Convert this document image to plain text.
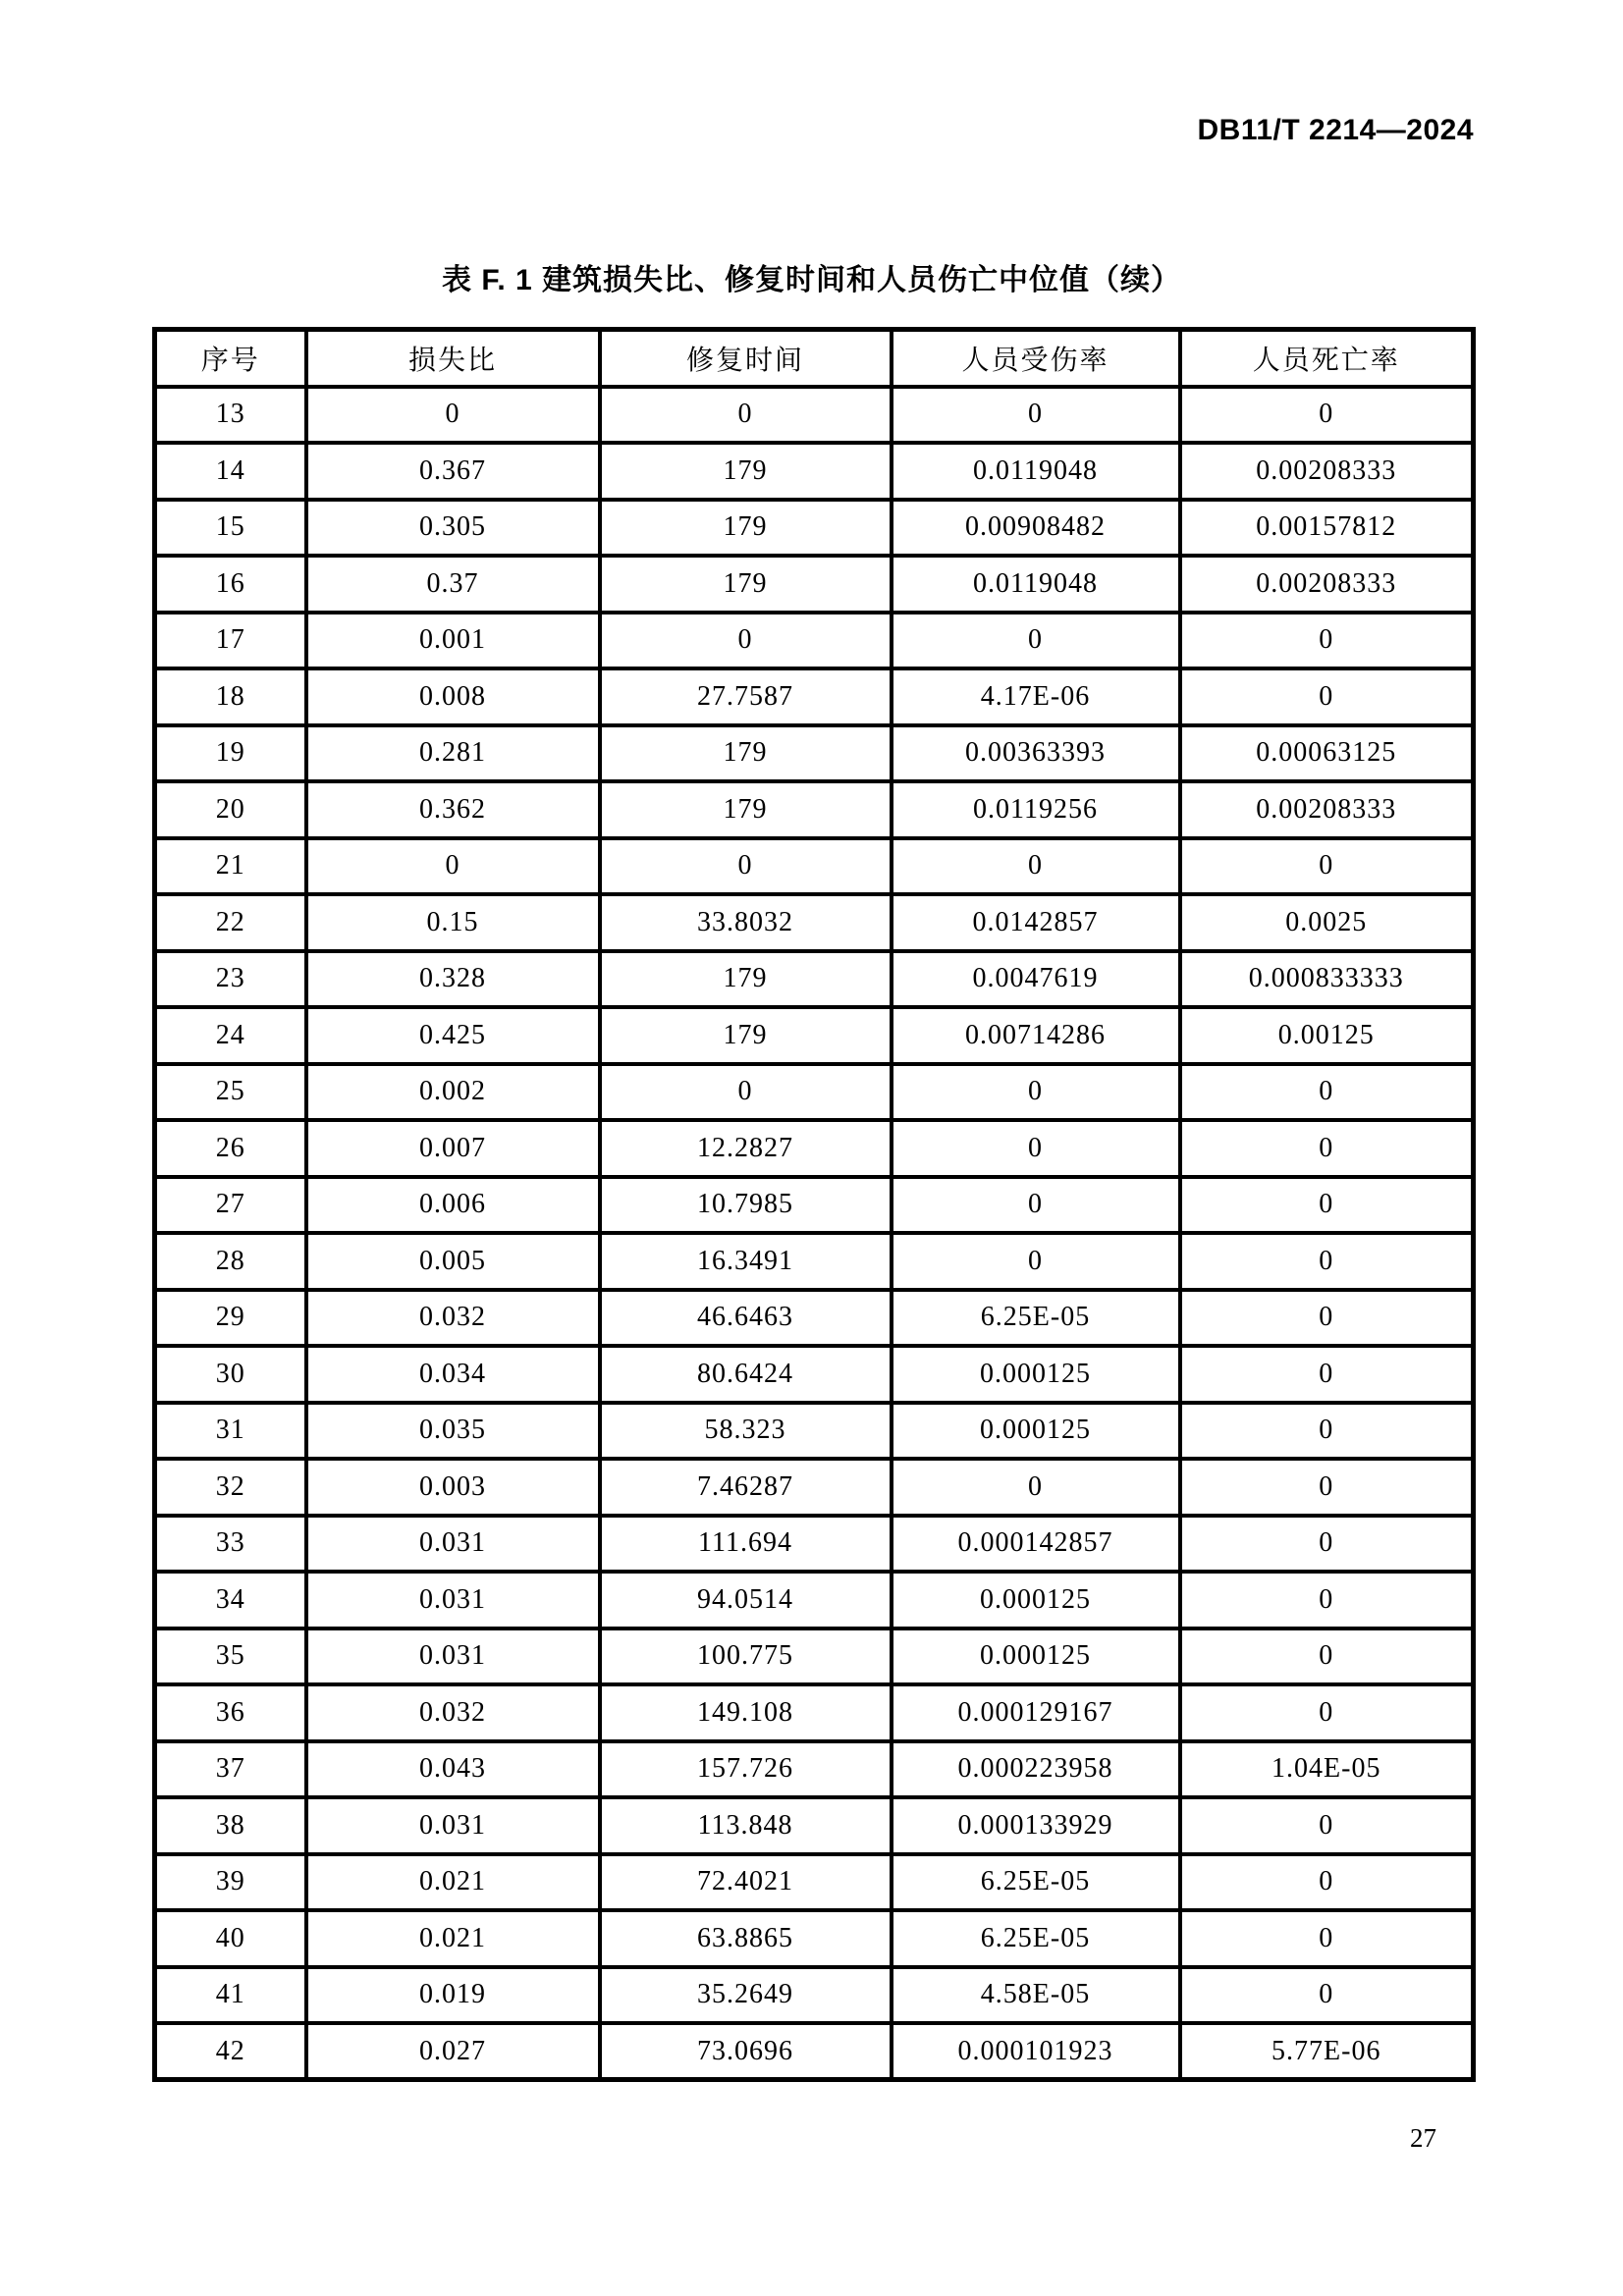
DB11/T 2214—2024
表 F. 1 建筑损失比、修复时间和人员伤亡中位值（续）
序号	损失比	修复时间	人员受伤率	人员死亡率
13	0	0	0	0
14	0.367	179	0.0119048	0.00208333
15	0.305	179	0.00908482	0.00157812
16	0.37	179	0.0119048	0.00208333
17	0.001	0	0	0
18	0.008	27.7587	4.17E-06	0
19	0.281	179	0.00363393	0.00063125
20	0.362	179	0.0119256	0.00208333
21	0	0	0	0
22	0.15	33.8032	0.0142857	0.0025
23	0.328	179	0.0047619	0.000833333
24	0.425	179	0.00714286	0.00125
25	0.002	0	0	0
26	0.007	12.2827	0	0
27	0.006	10.7985	0	0
28	0.005	16.3491	0	0
29	0.032	46.6463	6.25E-05	0
30	0.034	80.6424	0.000125	0
31	0.035	58.323	0.000125	0
32	0.003	7.46287	0	0
33	0.031	111.694	0.000142857	0
34	0.031	94.0514	0.000125	0
35	0.031	100.775	0.000125	0
36	0.032	149.108	0.000129167	0
37	0.043	157.726	0.000223958	1.04E-05
38	0.031	113.848	0.000133929	0
39	0.021	72.4021	6.25E-05	0
40	0.021	63.8865	6.25E-05	0
41	0.019	35.2649	4.58E-05	0
42	0.027	73.0696	0.000101923	5.77E-06
27
